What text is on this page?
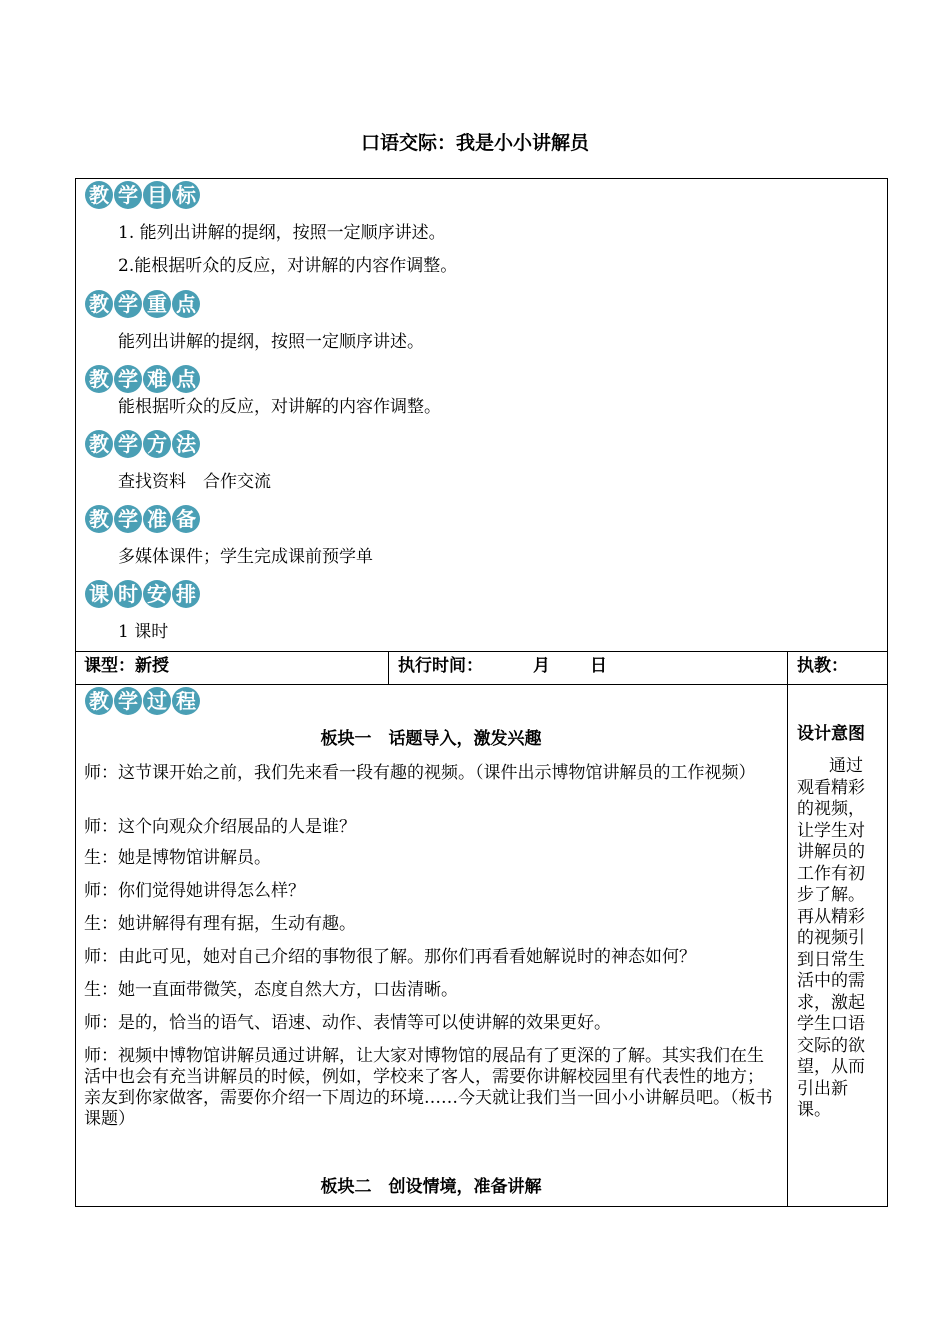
口语交际：我是小小讲解员
教 学 目 标
1. 能列出讲解的提纲，按照一定顺序讲述。
2.能根据听众的反应，对讲解的内容作调整。
教 学 重 点
能列出讲解的提纲，按照一定顺序讲述。
教 学 难 点
能根据听众的反应，对讲解的内容作调整。
教 学 方 法
查找资料　合作交流
教 学 准 备
多媒体课件；学生完成课前预学单
课 时 安 排
1 课时
课型：新授	执行时间：	月 日	执教：
教 学 过 程
板块一　话题导入，激发兴趣
师：这节课开始之前，我们先来看一段有趣的视频。（课件出示博物馆讲解员的工作视频）
师：这个向观众介绍展品的人是谁？
生：她是博物馆讲解员。
师：你们觉得她讲得怎么样？
生：她讲解得有理有据，生动有趣。
师：由此可见，她对自己介绍的事物很了解。那你们再看看她解说时的神态如何？
生：她一直面带微笑，态度自然大方，口齿清晰。
师：是的，恰当的语气、语速、动作、表情等可以使讲解的效果更好。
师：视频中博物馆讲解员通过讲解，让大家对博物馆的展品有了更深的了解。其实我们在生活中也会有充当讲解员的时候，例如，学校来了客人，需要你讲解校园里有代表性的地方；亲友到你家做客，需要你介绍一下周边的环境……今天就让我们当一回小小讲解员吧。（板书课题）
板块二　创设情境，准备讲解
设计意图
通过观看精彩的视频，让学生对讲解员的工作有初步了解。再从精彩的视频引到日常生活中的需求，激起学生口语交际的欲望，从而引出新课。
